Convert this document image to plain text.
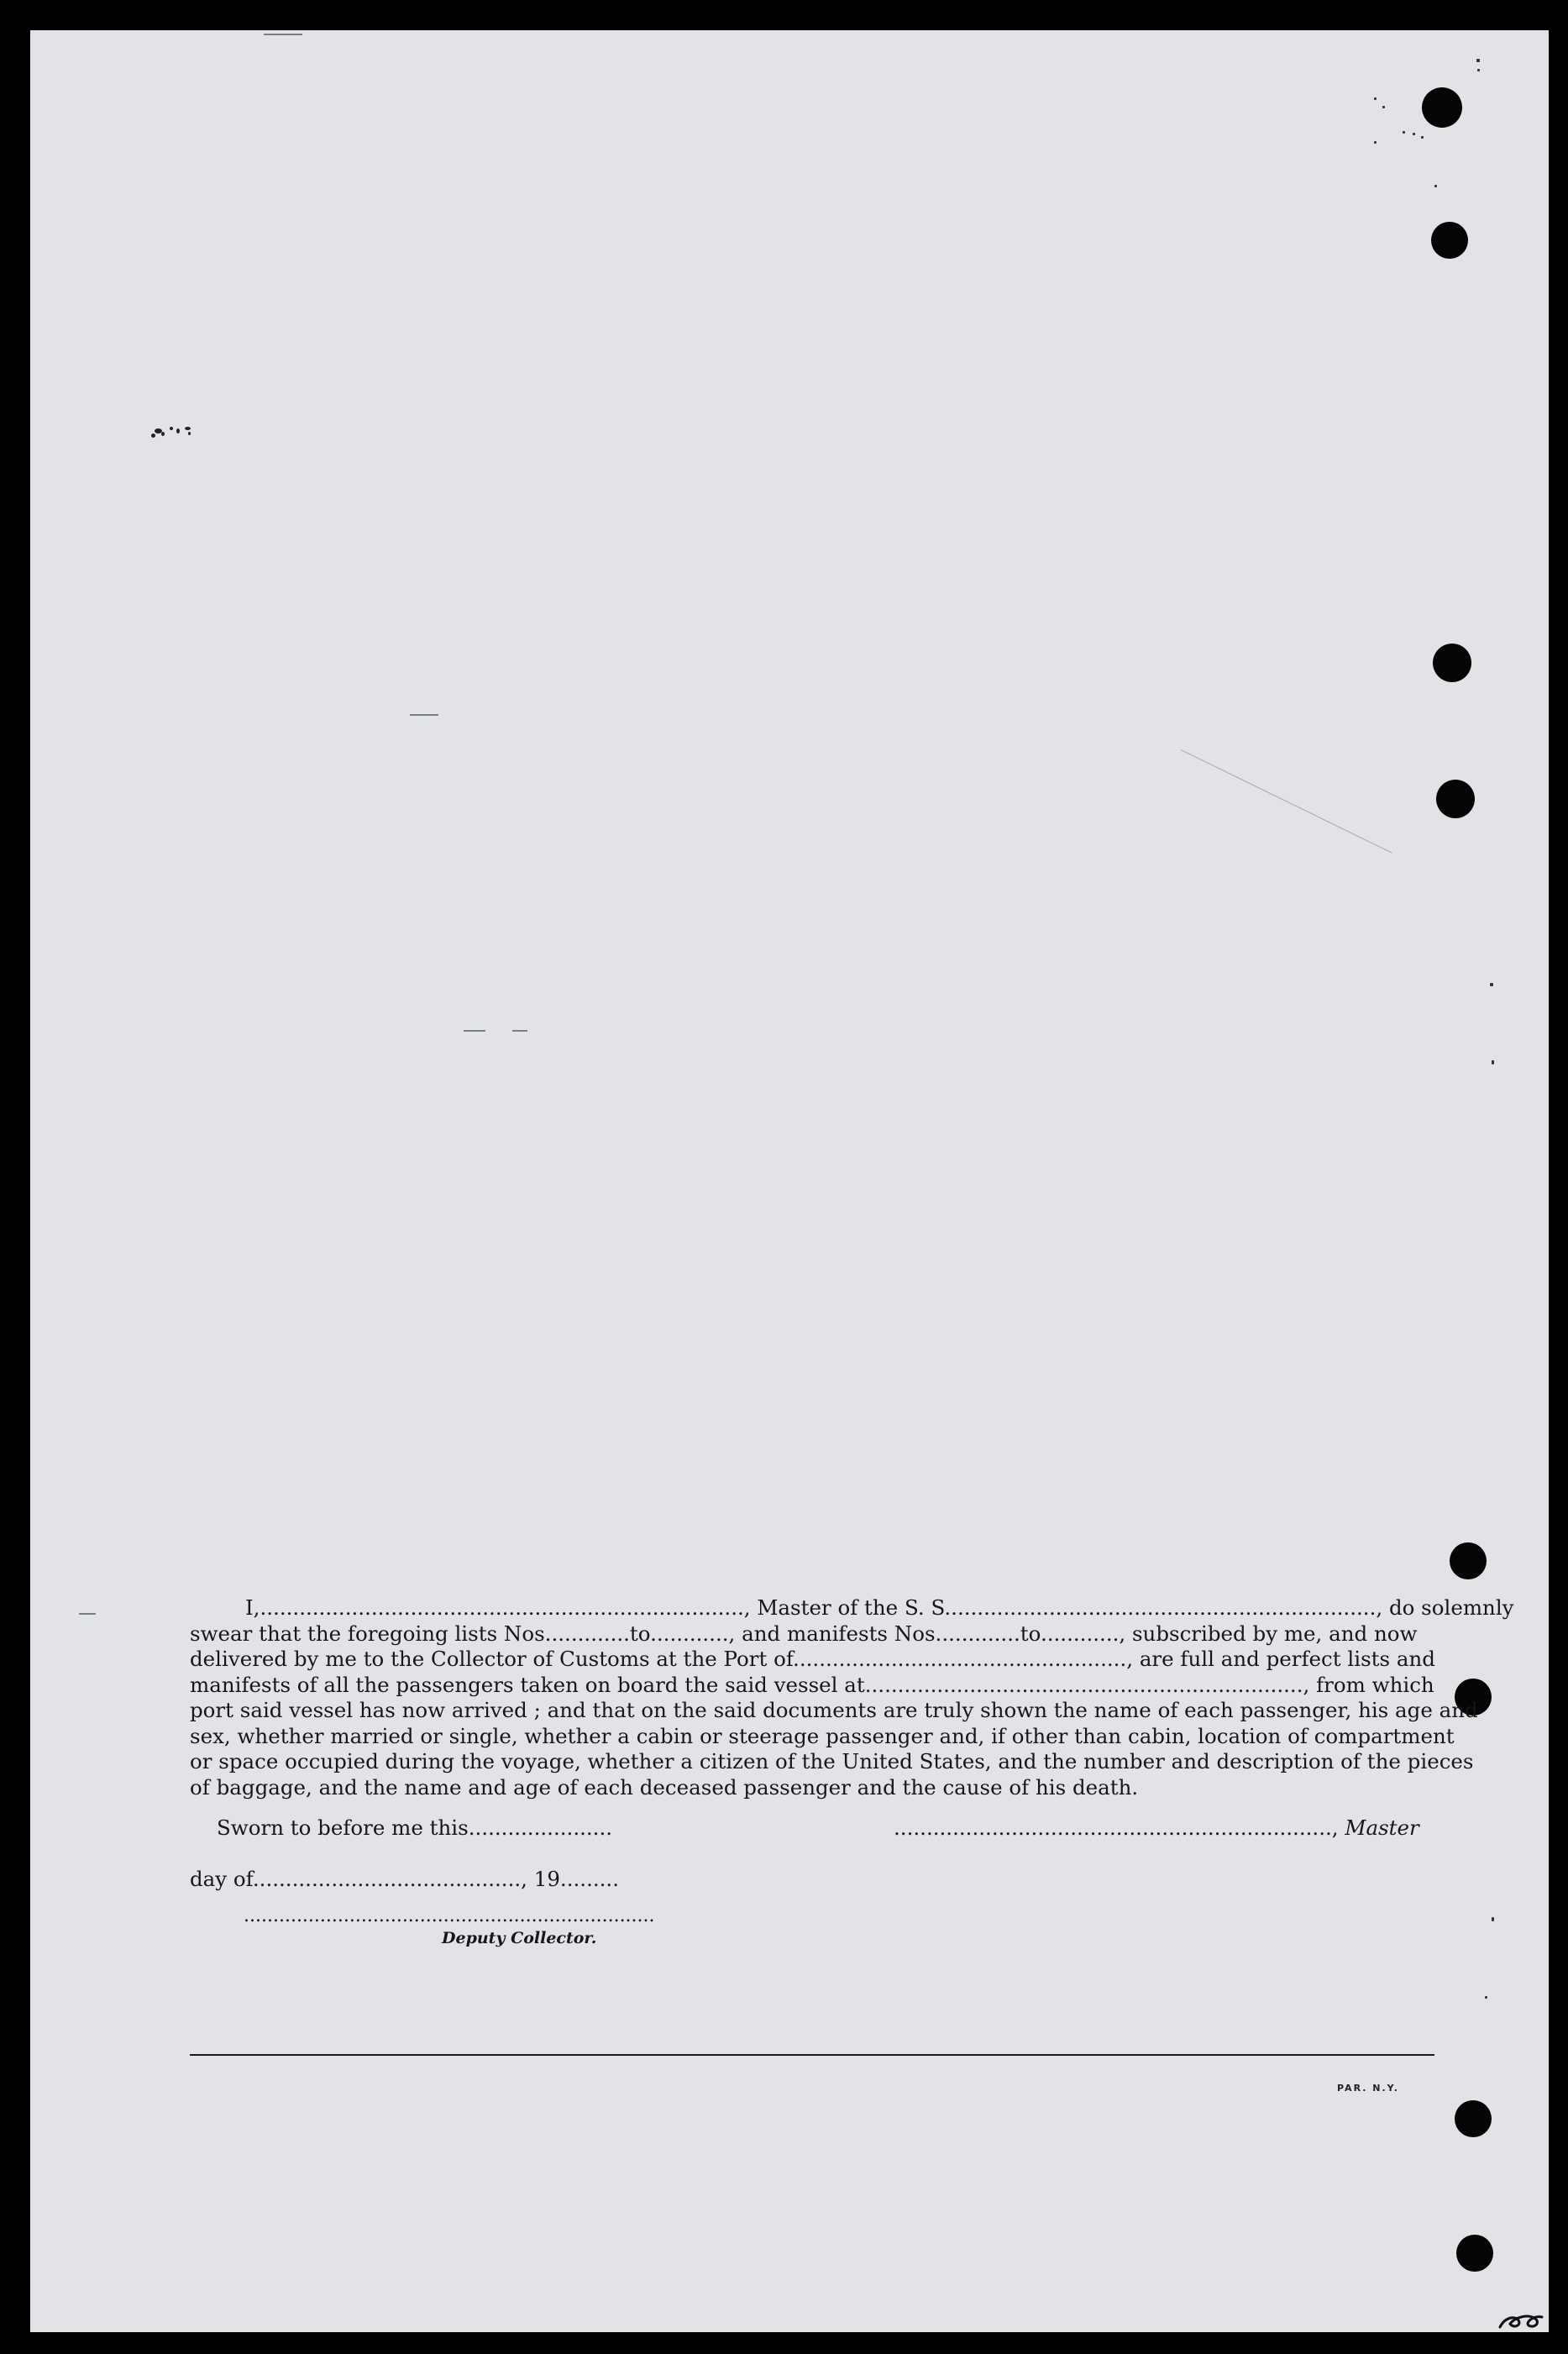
I,.........................................................................., Master of the S. S.................................................................., do solemnly
swear that the foregoing lists Nos.............to............, and manifests Nos.............to............, subscribed by me, and now
delivered by me to the Collector of Customs at the Port of..................................................., are full and perfect lists and
manifests of all the passengers taken on board the said vessel at..................................................................., from which
port said vessel has now arrived ; and that on the said documents are truly shown the name of each passenger, his age and
sex, whether married or single, whether a cabin or steerage passenger and, if other than cabin, location of compartment
or space occupied during the voyage, whether a citizen of the United States, and the number and description of the pieces
of baggage, and the name and age of each deceased passenger and the cause of his death.
Sworn to before me this......................	..................................................................., Master
day of........................................., 19.........
......................................................................
Deputy Collector.
PAR. N.Y.
